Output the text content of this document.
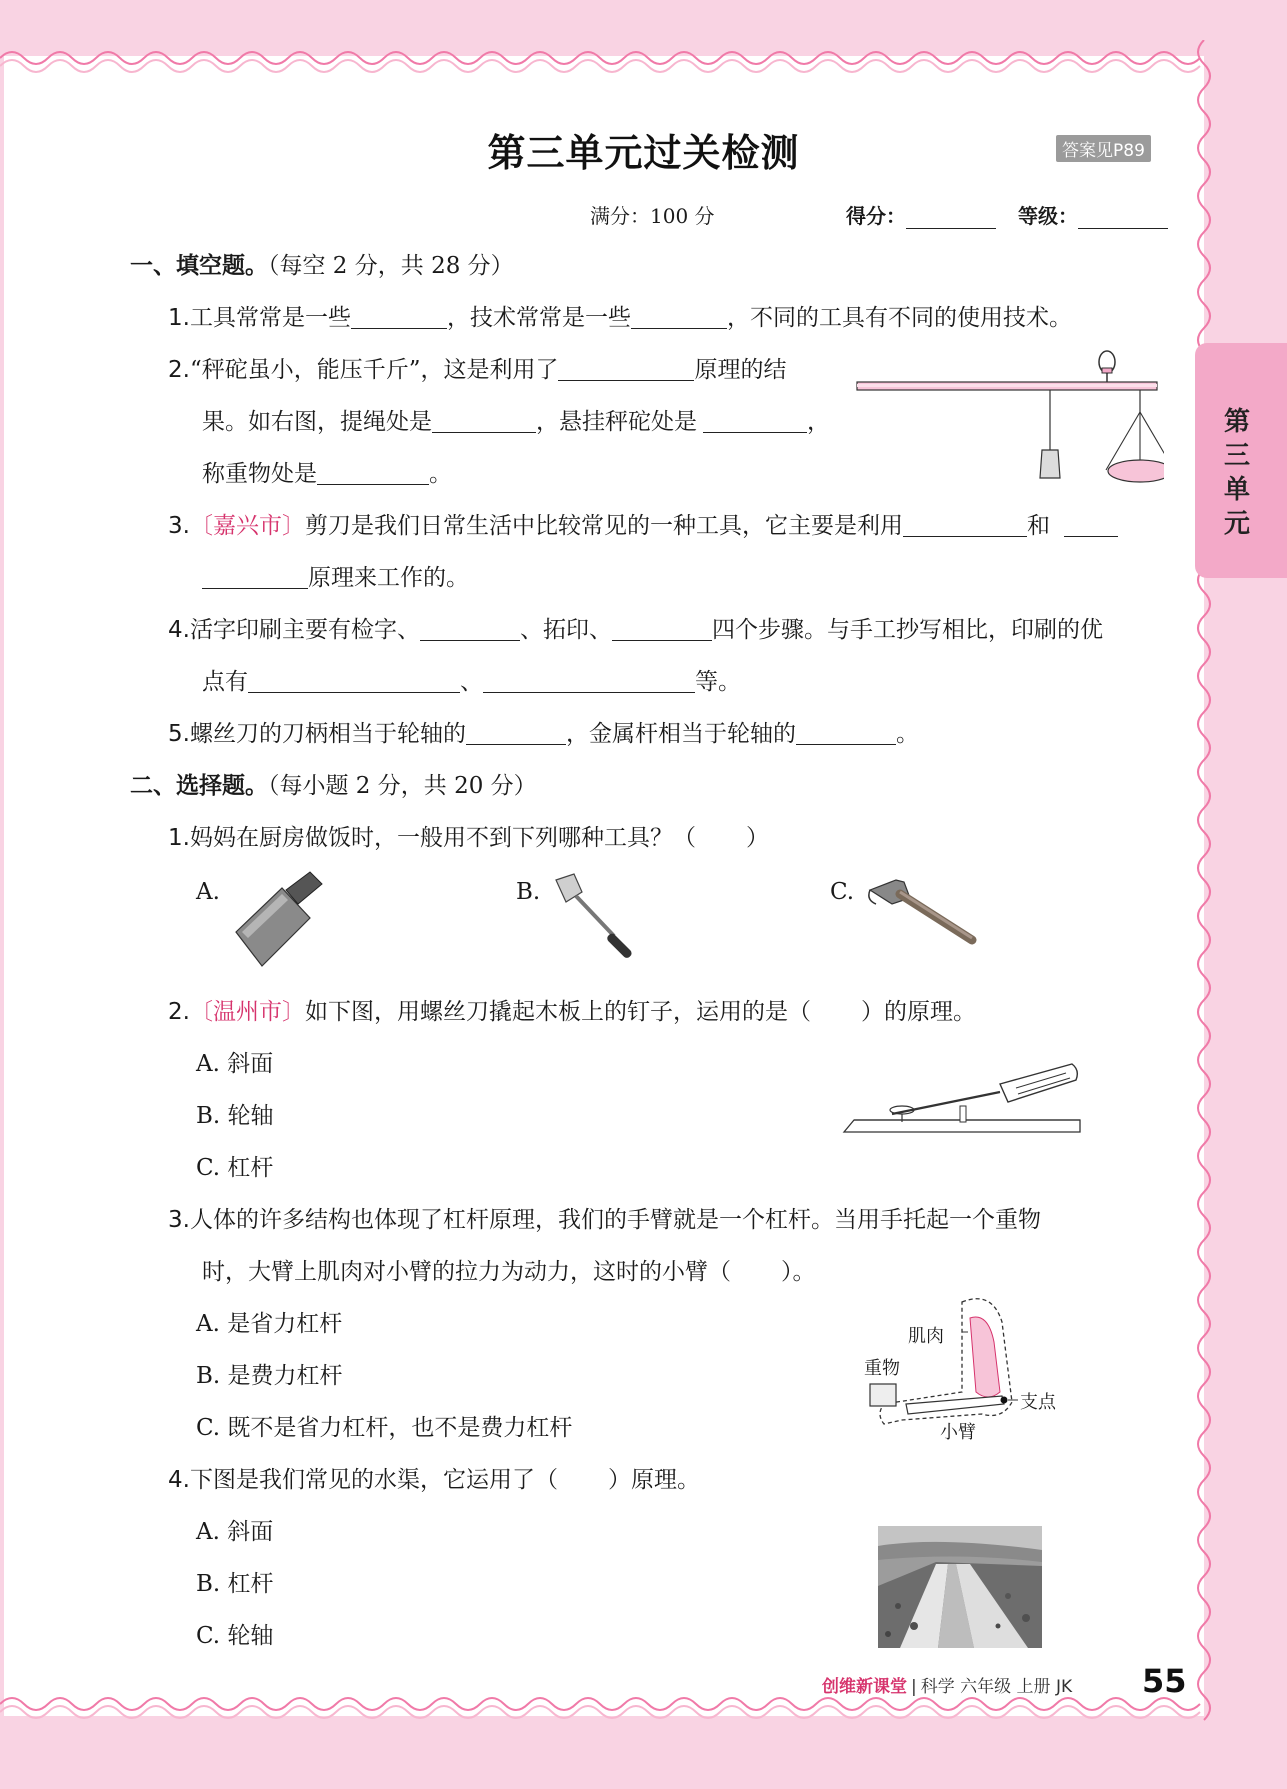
第三单元过关检测	答案见P89
满分：100 分	得分：	等级：
第三单元
一、填空题。（每空 2 分，共 28 分）
1.工具常常是一些	，技术常常是一些	，不同的工具有不同的使用技术。
2.“秤砣虽小，能压千斤”，这是利用了	原理的结
果。如右图，提绳处是	，悬挂秤砣处是	，
称重物处是	。
3.〔嘉兴市〕剪刀是我们日常生活中比较常见的一种工具，它主要是利用	和
原理来工作的。
4.活字印刷主要有检字、	、拓印、	四个步骤。与手工抄写相比，印刷的优
点有	、	等。
5.螺丝刀的刀柄相当于轮轴的	，金属杆相当于轮轴的	。
二、选择题。（每小题 2 分，共 20 分）
1.妈妈在厨房做饭时，一般用不到下列哪种工具？（ ）
A.	B.	C.
2.〔温州市〕如下图，用螺丝刀撬起木板上的钉子，运用的是（ ）的原理。
A. 斜面
B. 轮轴
C. 杠杆
3.人体的许多结构也体现了杠杆原理，我们的手臂就是一个杠杆。当用手托起一个重物
时，大臂上肌肉对小臂的拉力为动力，这时的小臂（ ）。
A. 是省力杠杆
B. 是费力杠杆
C. 既不是省力杠杆，也不是费力杠杆
肌肉
重物
支点
小臂
4.下图是我们常见的水渠，它运用了（ ）原理。
A. 斜面
B. 杠杆
C. 轮轴
创维新课堂 | 科学 六年级 上册 JK 55
